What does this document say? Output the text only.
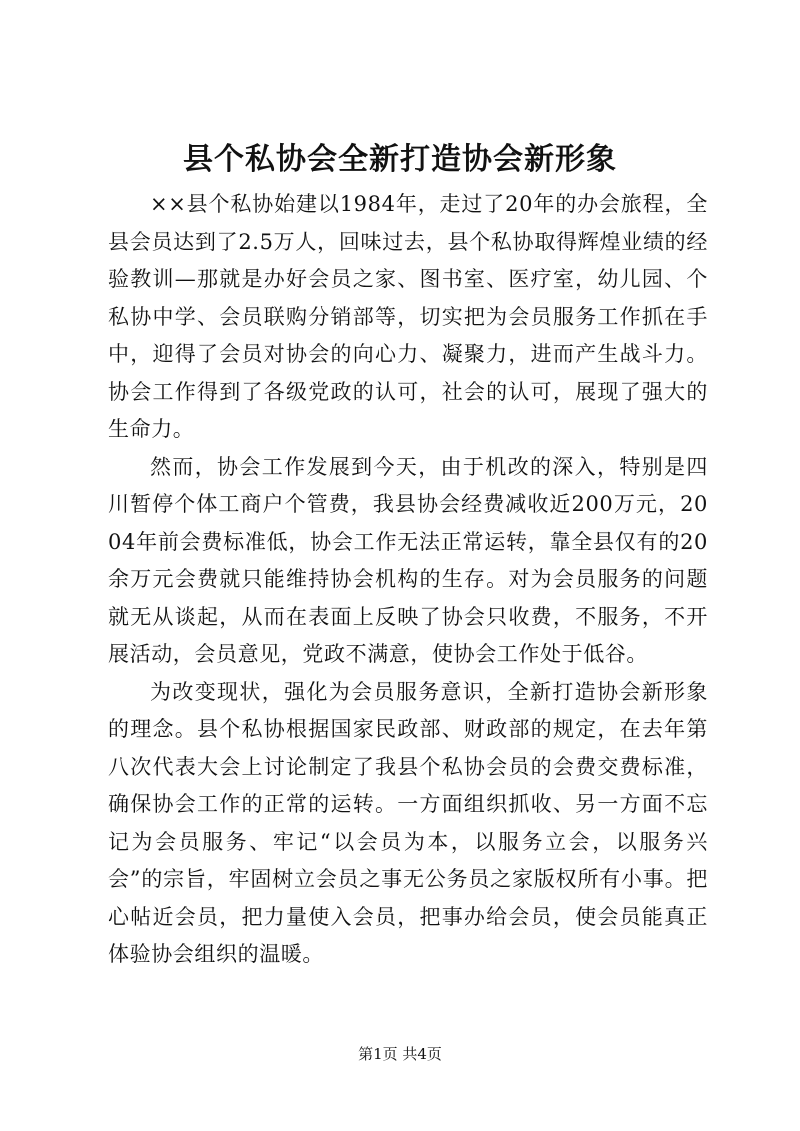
县个私协会全新打造协会新形象

××县个私协始建以1984年，走过了20年的办会旅程，全县会员达到了2.5万人，回味过去，县个私协取得辉煌业绩的经验教训—那就是办好会员之家、图书室、医疗室，幼儿园、个私协中学、会员联购分销部等，切实把为会员服务工作抓在手中，迎得了会员对协会的向心力、凝聚力，进而产生战斗力。协会工作得到了各级党政的认可，社会的认可，展现了强大的生命力。

然而，协会工作发展到今天，由于机改的深入，特别是四川暂停个体工商户个管费，我县协会经费减收近200万元，2004年前会费标准低，协会工作无法正常运转，靠全县仅有的20余万元会费就只能维持协会机构的生存。对为会员服务的问题就无从谈起，从而在表面上反映了协会只收费，不服务，不开展活动，会员意见，党政不满意，使协会工作处于低谷。

为改变现状，强化为会员服务意识，全新打造协会新形象的理念。县个私协根据国家民政部、财政部的规定，在去年第八次代表大会上讨论制定了我县个私协会员的会费交费标准，确保协会工作的正常的运转。一方面组织抓收、另一方面不忘记为会员服务、牢记“以会员为本，以服务立会，以服务兴会”的宗旨，牢固树立会员之事无公务员之家版权所有小事。把心帖近会员，把力量使入会员，把事办给会员，使会员能真正体验协会组织的温暖。

第1页 共4页
